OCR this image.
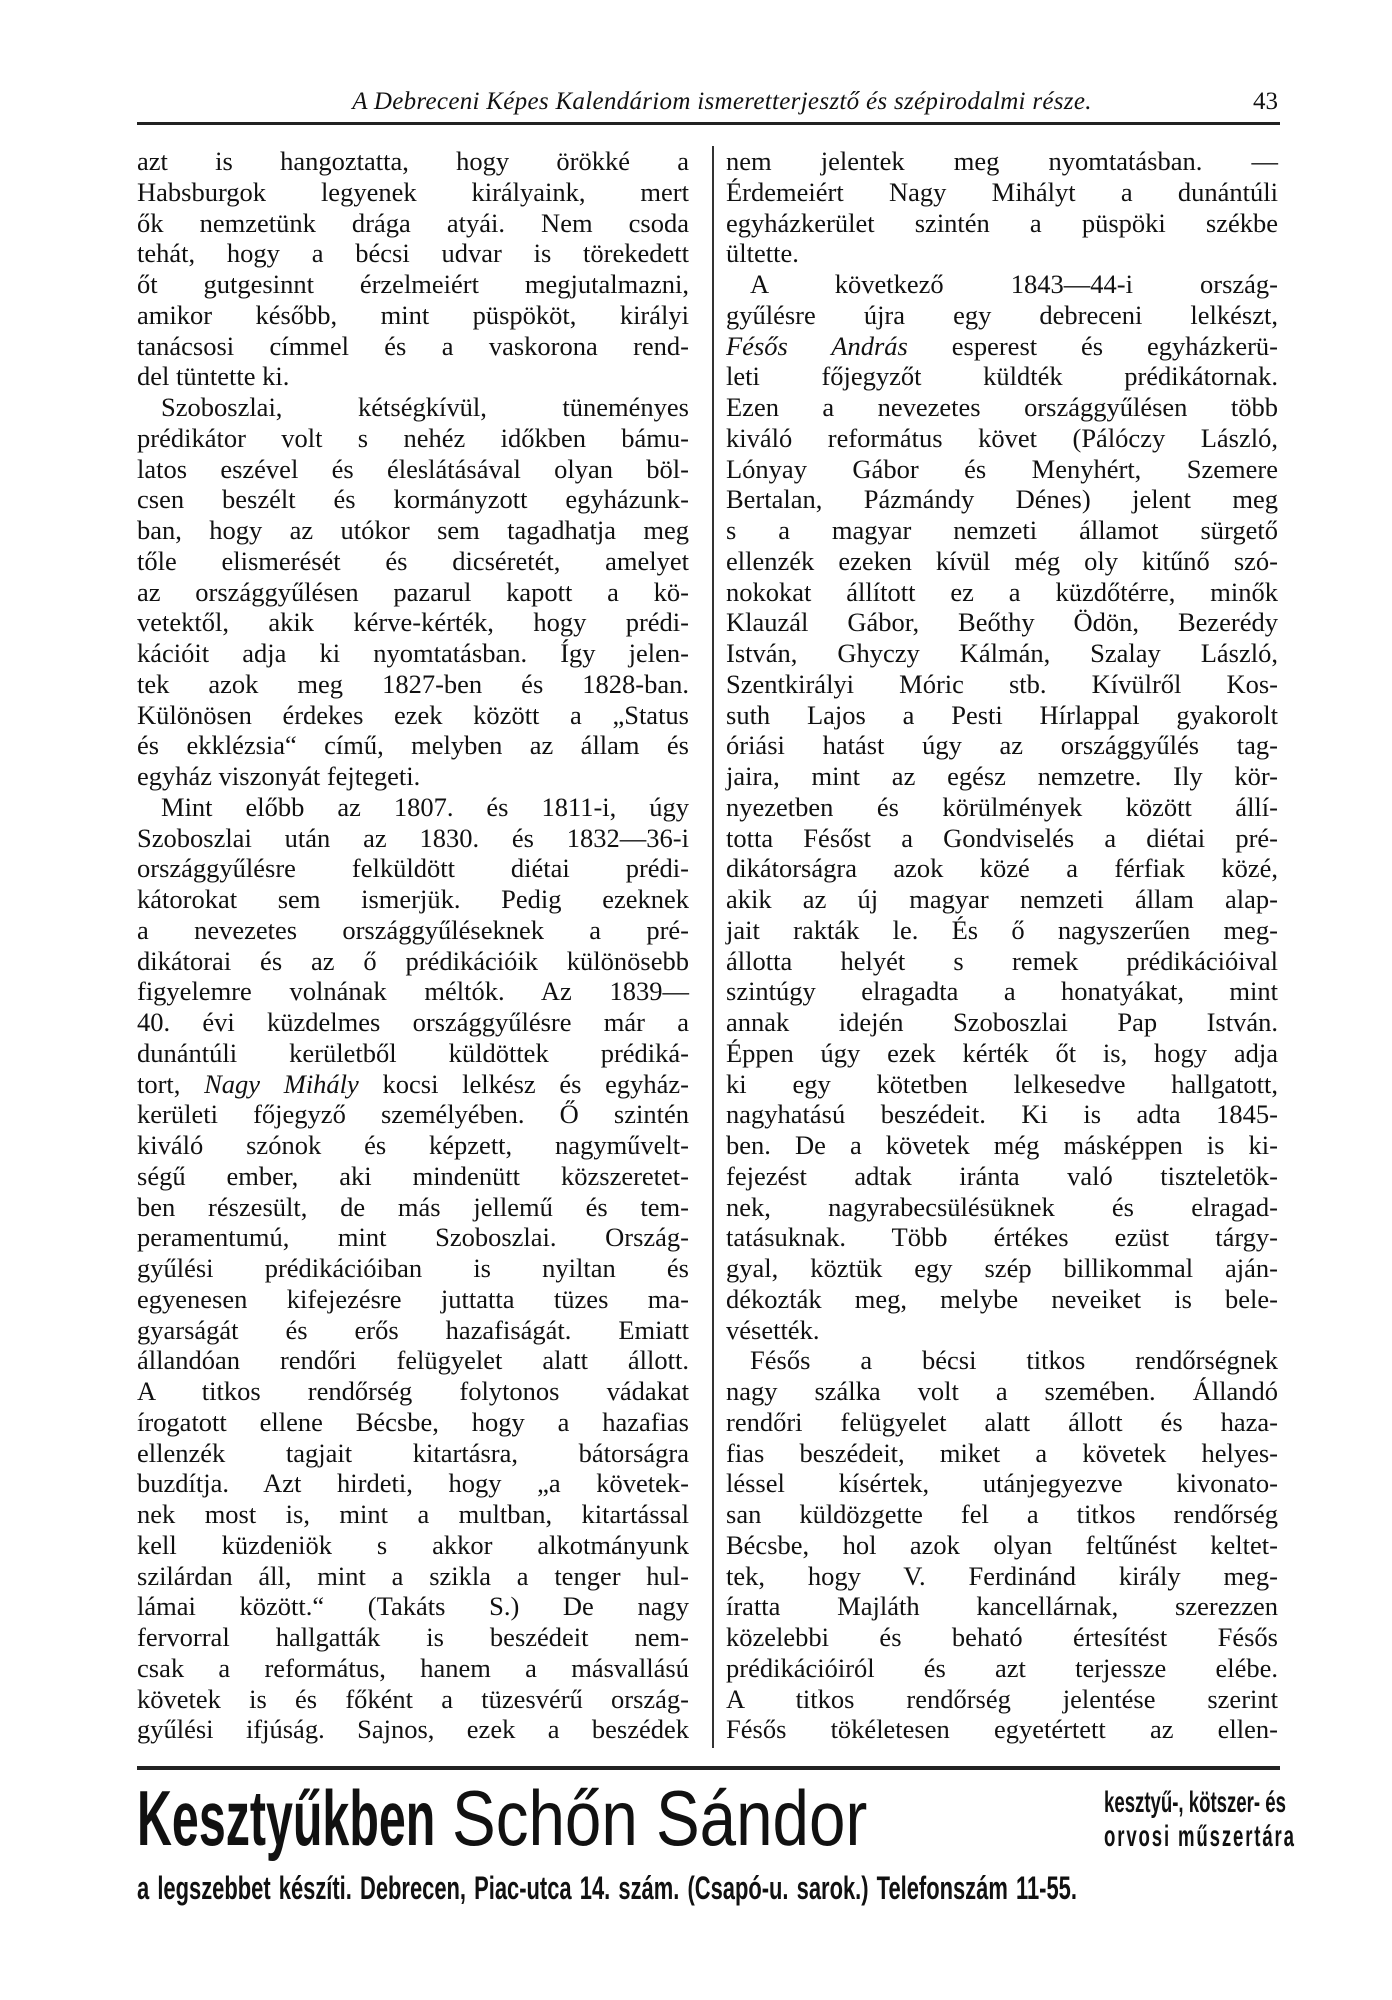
A Debreceni Képes Kalendáriom ismeretterjesztő és szépirodalmi része.	43
azt is hangoztatta, hogy örökké a
Habsburgok legyenek királyaink, mert
ők nemzetünk drága atyái. Nem csoda
tehát, hogy a bécsi udvar is törekedett
őt gutgesinnt érzelmeiért megjutalmazni,
amikor később, mint püspököt, királyi
tanácsosi címmel és a vaskorona rend-
del tüntette ki.
Szoboszlai, kétségkívül, tüneményes
prédikátor volt s nehéz időkben bámu-
latos eszével és éleslátásával olyan böl-
csen beszélt és kormányzott egyházunk-
ban, hogy az utókor sem tagadhatja meg
tőle elismerését és dicséretét, amelyet
az országgyűlésen pazarul kapott a kö-
vetektől, akik kérve-kérték, hogy prédi-
kációit adja ki nyomtatásban. Így jelen-
tek azok meg 1827-ben és 1828-ban.
Különösen érdekes ezek között a „Status
és ekklézsia“ című, melyben az állam és
egyház viszonyát fejtegeti.
Mint előbb az 1807. és 1811-i, úgy
Szoboszlai után az 1830. és 1832—36-i
országgyűlésre felküldött diétai prédi-
kátorokat sem ismerjük. Pedig ezeknek
a nevezetes országgyűléseknek a pré-
dikátorai és az ő prédikációik különösebb
figyelemre volnának méltók. Az 1839—
40. évi küzdelmes országgyűlésre már a
dunántúli kerületből küldöttek prédiká-
tort, Nagy Mihály kocsi lelkész és egyház-
kerületi főjegyző személyében. Ő szintén
kiváló szónok és képzett, nagyművelt-
ségű ember, aki mindenütt közszeretet-
ben részesült, de más jellemű és tem-
peramentumú, mint Szoboszlai. Ország-
gyűlési prédikációiban is nyiltan és
egyenesen kifejezésre juttatta tüzes ma-
gyarságát és erős hazafiságát. Emiatt
állandóan rendőri felügyelet alatt állott.
A titkos rendőrség folytonos vádakat
írogatott ellene Bécsbe, hogy a hazafias
ellenzék tagjait kitartásra, bátorságra
buzdítja. Azt hirdeti, hogy „a követek-
nek most is, mint a multban, kitartással
kell küzdeniök s akkor alkotmányunk
szilárdan áll, mint a szikla a tenger hul-
lámai között.“ (Takáts S.) De nagy
fervorral hallgatták is beszédeit nem-
csak a református, hanem a másvallású
követek is és főként a tüzesvérű ország-
gyűlési ifjúság. Sajnos, ezek a beszédek
nem jelentek meg nyomtatásban. —
Érdemeiért Nagy Mihályt a dunántúli
egyházkerület szintén a püspöki székbe
ültette.
A következő 1843—44-i ország-
gyűlésre újra egy debreceni lelkészt,
Fésős András esperest és egyházkerü-
leti főjegyzőt küldték prédikátornak.
Ezen a nevezetes országgyűlésen több
kiváló református követ (Pálóczy László,
Lónyay Gábor és Menyhért, Szemere
Bertalan, Pázmándy Dénes) jelent meg
s a magyar nemzeti államot sürgető
ellenzék ezeken kívül még oly kitűnő szó-
nokokat állított ez a küzdőtérre, minők
Klauzál Gábor, Beőthy Ödön, Bezerédy
István, Ghyczy Kálmán, Szalay László,
Szentkirályi Móric stb. Kívülről Kos-
suth Lajos a Pesti Hírlappal gyakorolt
óriási hatást úgy az országgyűlés tag-
jaira, mint az egész nemzetre. Ily kör-
nyezetben és körülmények között állí-
totta Fésőst a Gondviselés a diétai pré-
dikátorságra azok közé a férfiak közé,
akik az új magyar nemzeti állam alap-
jait rakták le. És ő nagyszerűen meg-
állotta helyét s remek prédikációival
szintúgy elragadta a honatyákat, mint
annak idején Szoboszlai Pap István.
Éppen úgy ezek kérték őt is, hogy adja
ki egy kötetben lelkesedve hallgatott,
nagyhatású beszédeit. Ki is adta 1845-
ben. De a követek még másképpen is ki-
fejezést adtak iránta való tiszteletök-
nek, nagyrabecsülésüknek és elragad-
tatásuknak. Több értékes ezüst tárgy-
gyal, köztük egy szép billikommal aján-
dékozták meg, melybe neveiket is bele-
vésették.
Fésős a bécsi titkos rendőrségnek
nagy szálka volt a szemében. Állandó
rendőri felügyelet alatt állott és haza-
fias beszédeit, miket a követek helyes-
léssel kísértek, utánjegyezve kivonato-
san küldözgette fel a titkos rendőrség
Bécsbe, hol azok olyan feltűnést keltet-
tek, hogy V. Ferdinánd király meg-
íratta Majláth kancellárnak, szerezzen
közelebbi és beható értesítést Fésős
prédikációiról és azt terjessze elébe.
A titkos rendőrség jelentése szerint
Fésős tökéletesen egyetértett az ellen-
Kesztyűkben Schőn Sándor	kesztyű-, kötszer- és
orvosi műszertára
a legszebbet készíti. Debrecen, Piac-utca 14. szám. (Csapó-u. sarok.) Telefonszám 11-55.
